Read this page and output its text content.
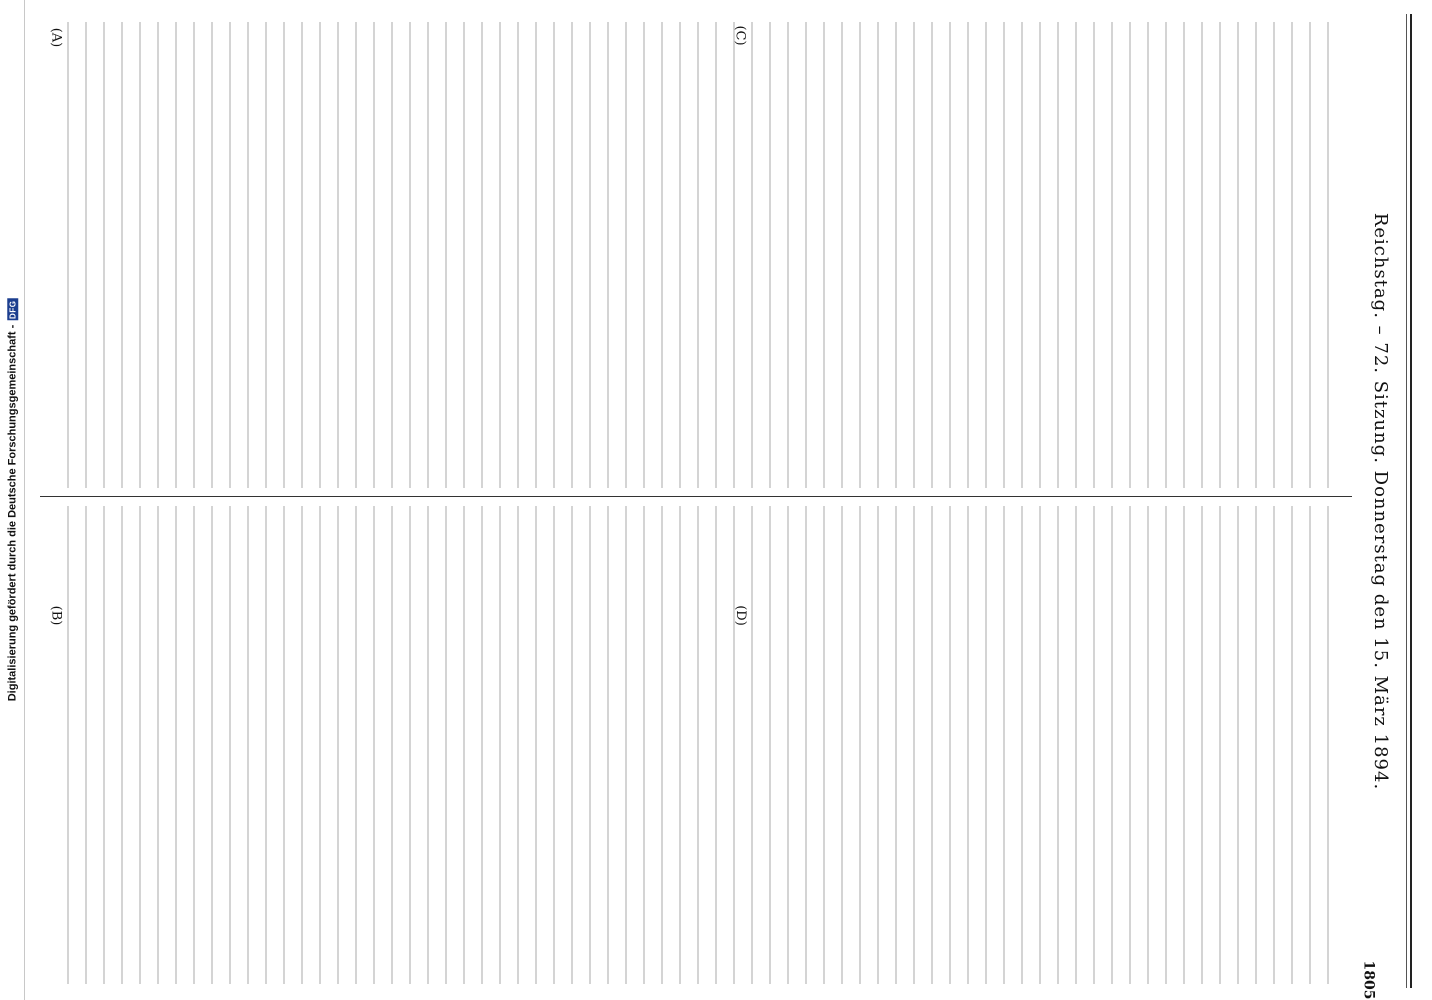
Digitalisierung gefördert durch die Deutsche Forschungsgemeinschaft -
DFG	Reichstag. – 72. Sitzung. Donnerstag den 15. März 1894.
1805
(A)
(B)
(C)
(D)
